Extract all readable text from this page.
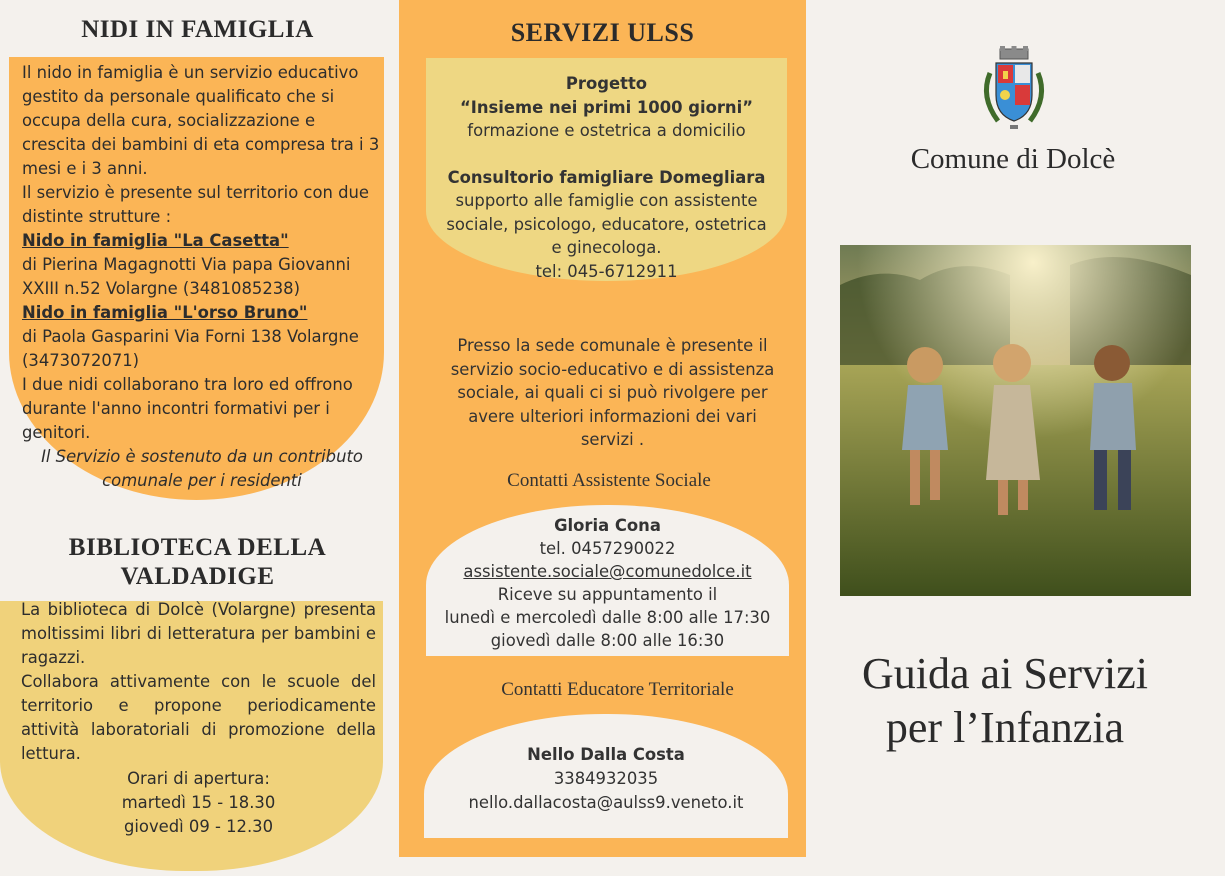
NIDI IN FAMIGLIA
Il nido in famiglia è un servizio educativo gestito da personale qualificato che si occupa della cura, socializzazione e crescita dei bambini di eta compresa tra i 3 mesi e i 3 anni.
Il servizio è presente sul territorio con due distinte strutture :
Nido in famiglia "La Casetta"
di Pierina Magagnotti Via papa Giovanni XXIII n.52 Volargne (3481085238)
Nido in famiglia "L'orso Bruno"
di Paola Gasparini Via Forni 138 Volargne (3473072071)
I due nidi collaborano tra loro ed offrono durante l'anno incontri formativi per i genitori.
Il Servizio è sostenuto da un contributo comunale per i residenti
BIBLIOTECA DELLA VALDADIGE
La biblioteca di Dolcè (Volargne) presenta moltissimi libri di letteratura per bambini e ragazzi.
Collabora attivamente con le scuole del territorio e propone periodicamente attività laboratoriali di promozione della lettura.
Orari di apertura:
martedì 15 - 18.30
giovedì 09 - 12.30
SERVIZI ULSS
Progetto
“Insieme nei primi 1000 giorni”
formazione e ostetrica a domicilio
Consultorio famigliare Domegliara
supporto alle famiglie con assistente sociale, psicologo, educatore, ostetrica e ginecologa.
tel: 045-6712911
Presso la sede comunale è presente il servizio socio-educativo e di assistenza sociale, ai quali ci si può rivolgere per avere ulteriori informazioni dei vari servizi .
Contatti Assistente Sociale
Gloria Cona
tel. 0457290022
assistente.sociale@comunedolce.it
Riceve su appuntamento il
lunedì e mercoledì dalle 8:00 alle 17:30
giovedì dalle 8:00 alle 16:30
Contatti Educatore Territoriale
Nello Dalla Costa
3384932035
nello.dallacosta@aulss9.veneto.it
Comune di Dolcè
Guida ai Servizi
per l’Infanzia
